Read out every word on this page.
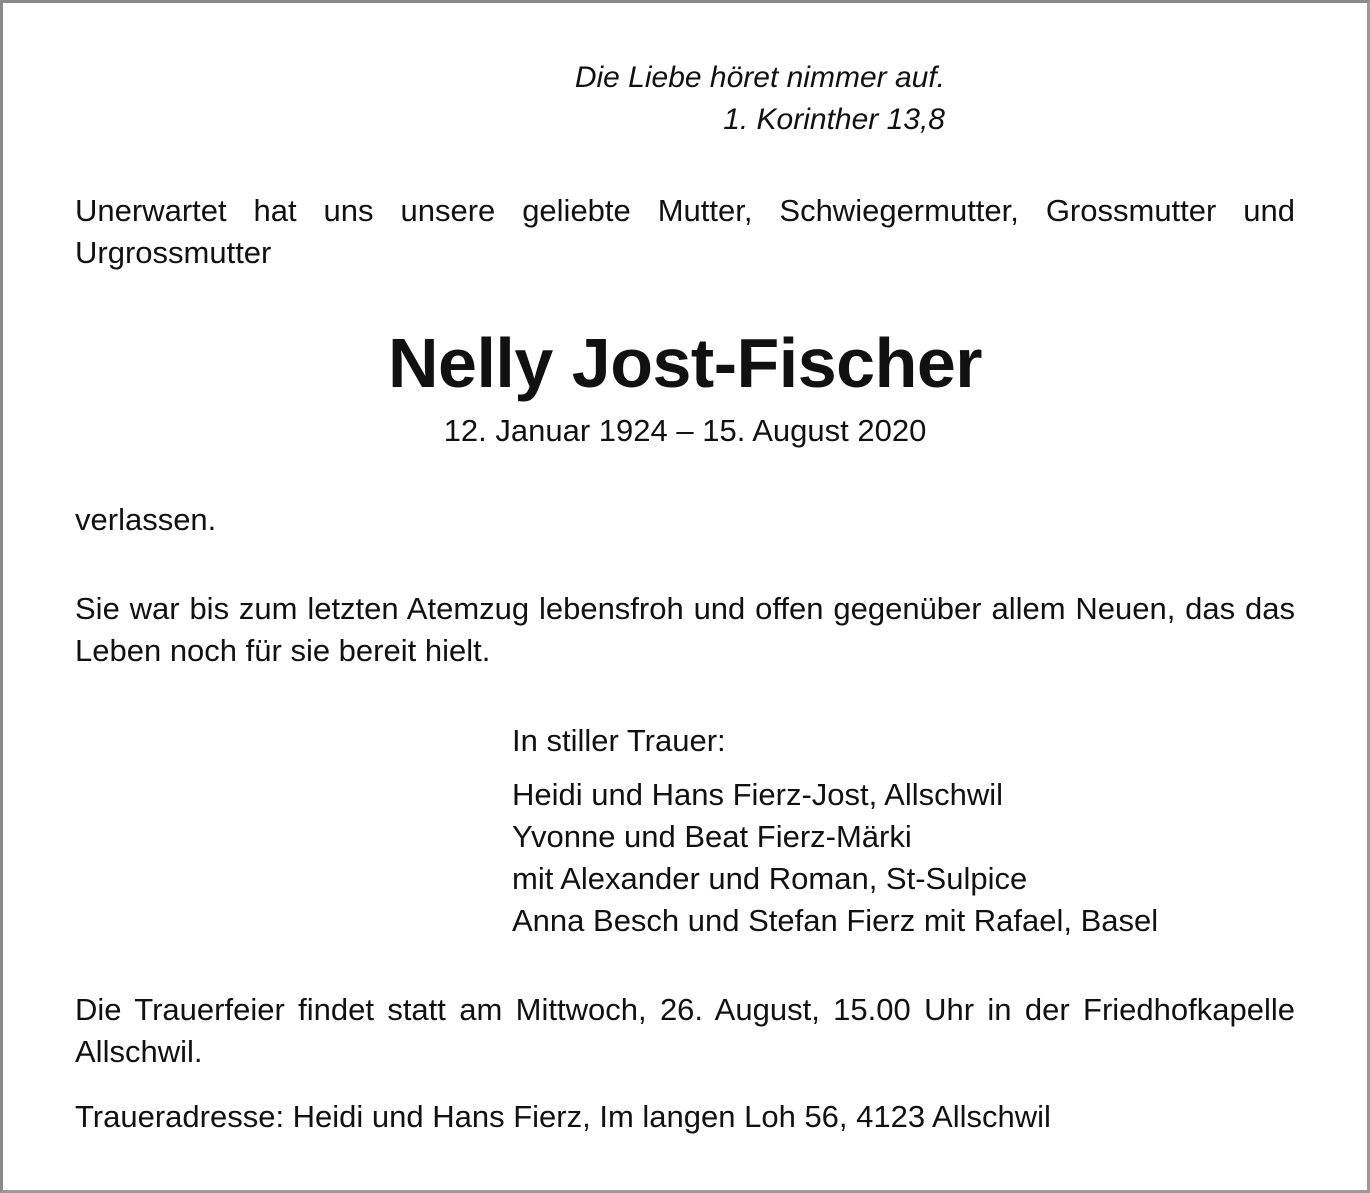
Die Liebe höret nimmer auf.
1. Korinther 13,8
Unerwartet hat uns unsere geliebte Mutter, Schwiegermutter, Grossmutter und Urgrossmutter
Nelly Jost-Fischer
12. Januar 1924 – 15. August 2020
verlassen.
Sie war bis zum letzten Atemzug lebensfroh und offen gegenüber allem Neuen, das das Leben noch für sie bereit hielt.
In stiller Trauer:
Heidi und Hans Fierz-Jost, Allschwil
Yvonne und Beat Fierz-Märki
mit Alexander und Roman, St-Sulpice
Anna Besch und Stefan Fierz mit Rafael, Basel
Die Trauerfeier findet statt am Mittwoch, 26. August, 15.00 Uhr in der Friedhofkapelle Allschwil.
Traueradresse: Heidi und Hans Fierz, Im langen Loh 56, 4123 Allschwil
